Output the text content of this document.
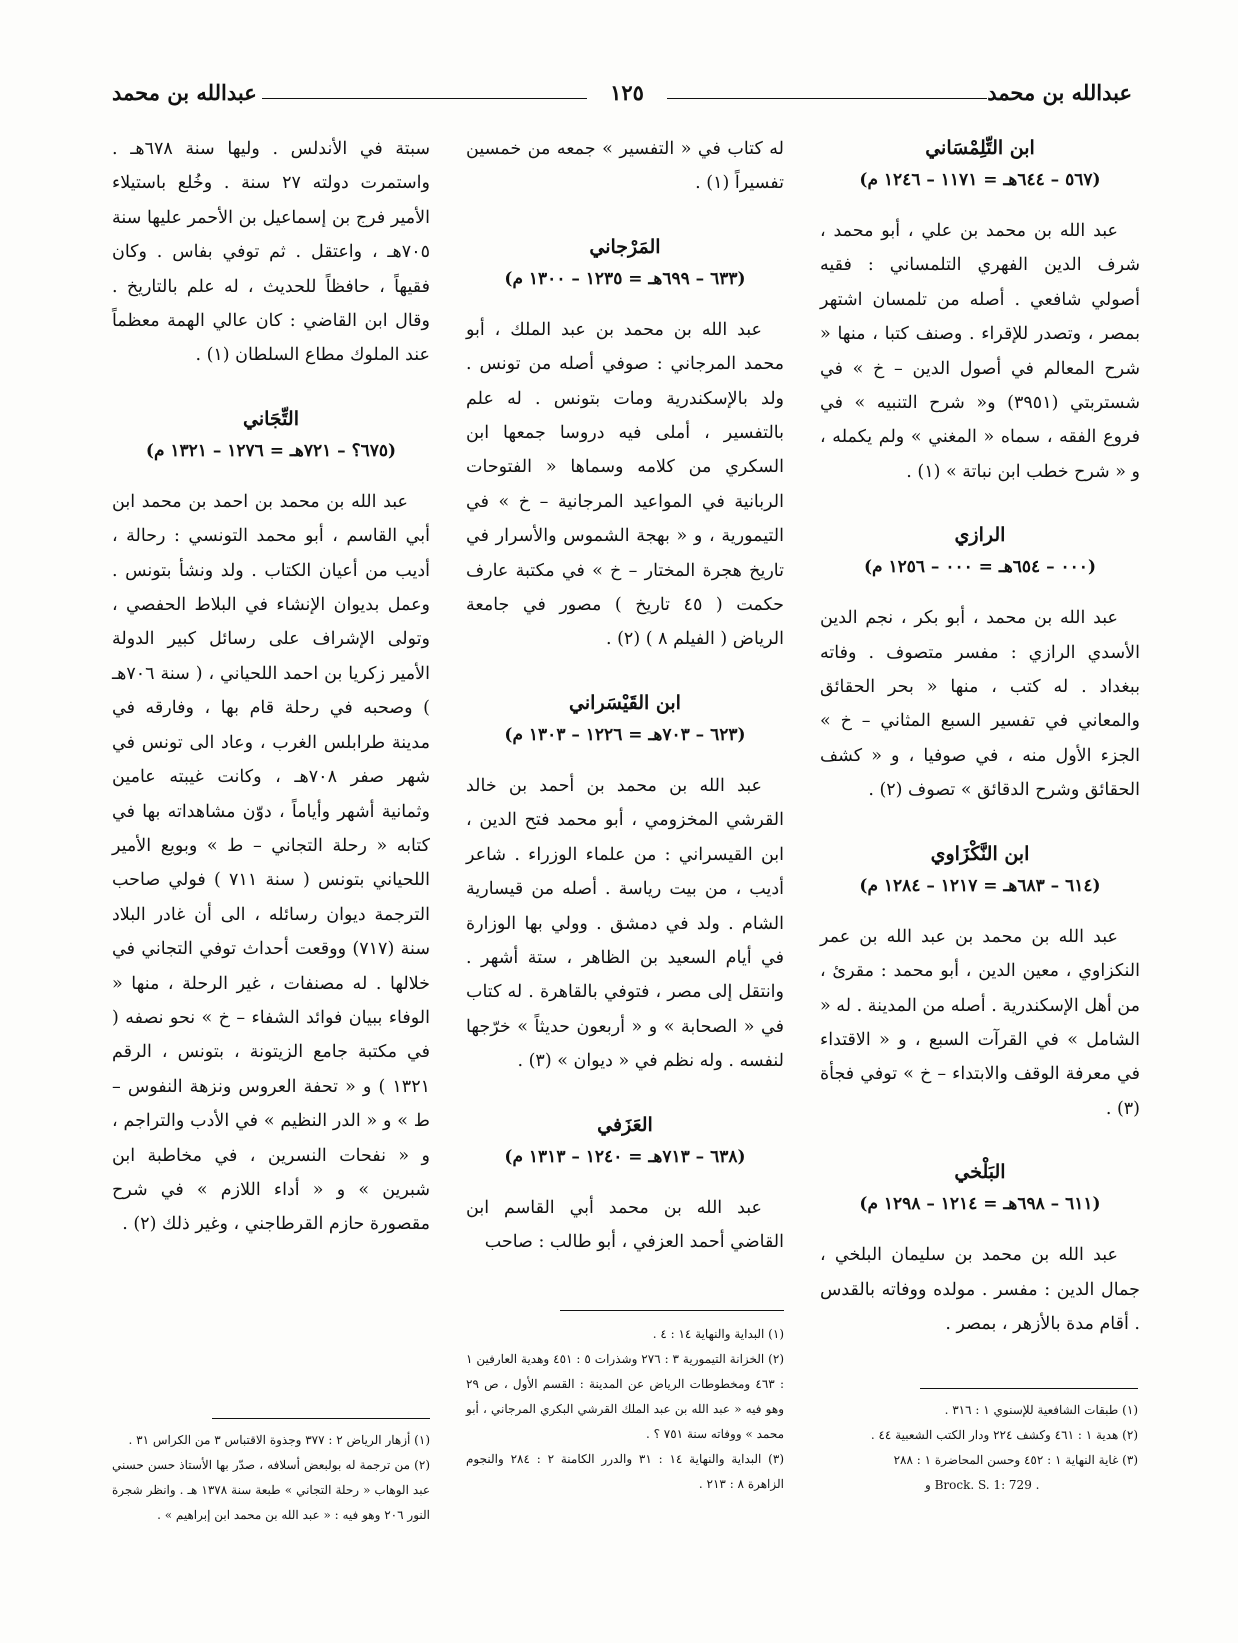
عبدالله بن محمد
١٢٥
عبدالله بن محمد
ابن التِّلِمْسَاني
(٥٦٧ – ٦٤٤هـ = ١١٧١ – ١٢٤٦ م)

عبد الله بن محمد بن علي ، أبو محمد ، شرف الدين الفهري التلمساني : فقيه أصولي شافعي . أصله من تلمسان اشتهر بمصر ، وتصدر للإقراء . وصنف كتبا ، منها « شرح المعالم في أصول الدين – خ » في شستربتي (٣٩٥١) و« شرح التنبيه » في فروع الفقه ، سماه « المغني » ولم يكمله ، و « شرح خطب ابن نباتة » (١) .

الرازي
(٠٠٠ – ٦٥٤هـ = ٠٠٠ – ١٢٥٦ م)

عبد الله بن محمد ، أبو بكر ، نجم الدين الأسدي الرازي : مفسر متصوف . وفاته ببغداد . له كتب ، منها « بحر الحقائق والمعاني في تفسير السبع المثاني – خ » الجزء الأول منه ، في صوفيا ، و « كشف الحقائق وشرح الدقائق » تصوف (٢) .

ابن النَّكْزَاوي
(٦١٤ – ٦٨٣هـ = ١٢١٧ – ١٢٨٤ م)

عبد الله بن محمد بن عبد الله بن عمر النكزاوي ، معين الدين ، أبو محمد : مقرئ ، من أهل الإسكندرية . أصله من المدينة . له « الشامل » في القرآت السبع ، و « الاقتداء في معرفة الوقف والابتداء – خ » توفي فجأة (٣) .

البَلْخي
(٦١١ – ٦٩٨هـ = ١٢١٤ – ١٢٩٨ م)

عبد الله بن محمد بن سليمان البلخي ، جمال الدين : مفسر . مولده ووفاته بالقدس . أقام مدة بالأزهر ، بمصر .

له كتاب في « التفسير » جمعه من خمسين تفسيراً (١) .

المَرْجاني
(٦٣٣ – ٦٩٩هـ = ١٢٣٥ – ١٣٠٠ م)

عبد الله بن محمد بن عبد الملك ، أبو محمد المرجاني : صوفي أصله من تونس . ولد بالإسكندرية ومات بتونس . له علم بالتفسير ، أملى فيه دروسا جمعها ابن السكري من كلامه وسماها « الفتوحات الربانية في المواعيد المرجانية – خ » في التيمورية ، و « بهجة الشموس والأسرار في تاريخ هجرة المختار – خ » في مكتبة عارف حكمت ( ٤٥ تاريخ ) مصور في جامعة الرياض ( الفيلم ٨ ) (٢) .

ابن القَيْسَراني
(٦٢٣ – ٧٠٣هـ = ١٢٢٦ – ١٣٠٣ م)

عبد الله بن محمد بن أحمد بن خالد القرشي المخزومي ، أبو محمد فتح الدين ، ابن القيسراني : من علماء الوزراء . شاعر أديب ، من بيت رياسة . أصله من قيسارية الشام . ولد في دمشق . وولي بها الوزارة في أيام السعيد بن الظاهر ، ستة أشهر . وانتقل إلى مصر ، فتوفي بالقاهرة . له كتاب في « الصحابة » و « أربعون حديثاً » خرّجها لنفسه . وله نظم في « ديوان » (٣) .

العَزَفي
(٦٣٨ – ٧١٣هـ = ١٢٤٠ – ١٣١٣ م)

عبد الله بن محمد أبي القاسم ابن القاضي أحمد العزفي ، أبو طالب : صاحب

سبتة في الأندلس . وليها سنة ٦٧٨هـ . واستمرت دولته ٢٧ سنة . وخُلع باستيلاء الأمير فرج بن إسماعيل بن الأحمر عليها سنة ٧٠٥هـ ، واعتقل . ثم توفي بفاس . وكان فقيهاً ، حافظاً للحديث ، له علم بالتاريخ . وقال ابن القاضي : كان عالي الهمة معظماً عند الملوك مطاع السلطان (١) .

التِّجَاني
(٦٧٥؟ – ٧٢١هـ = ١٢٧٦ – ١٣٢١ م)

عبد الله بن محمد بن احمد بن محمد ابن أبي القاسم ، أبو محمد التونسي : رحالة ، أديب من أعيان الكتاب . ولد ونشأ بتونس . وعمل بديوان الإنشاء في البلاط الحفصي ، وتولى الإشراف على رسائل كبير الدولة الأمير زكريا بن احمد اللحياني ، ( سنة ٧٠٦هـ ) وصحبه في رحلة قام بها ، وفارقه في مدينة طرابلس الغرب ، وعاد الى تونس في شهر صفر ٧٠٨هـ ، وكانت غيبته عامين وثمانية أشهر وأياماً ، دوّن مشاهداته بها في كتابه « رحلة التجاني – ط » وبويع الأمير اللحياني بتونس ( سنة ٧١١ ) فولي صاحب الترجمة ديوان رسائله ، الى أن غادر البلاد سنة (٧١٧) ووقعت أحداث توفي التجاني في خلالها . له مصنفات ، غير الرحلة ، منها « الوفاء ببيان فوائد الشفاء – خ » نحو نصفه ( في مكتبة جامع الزيتونة ، بتونس ، الرقم ١٣٢١ ) و « تحفة العروس ونزهة النفوس – ط » و « الدر النظيم » في الأدب والتراجم ، و « نفحات النسرين ، في مخاطبة ابن شبرين » و « أداء اللازم » في شرح مقصورة حازم القرطاجني ، وغير ذلك (٢) .

(١) طبقات الشافعية للإسنوي ١ : ٣١٦ .
(٢) هدية ١ : ٤٦١ وكشف ٢٢٤ ودار الكتب الشعبية ٤٤ .
(٣) غاية النهاية ١ : ٤٥٢ وحسن المحاضرة ١ : ٢٨٨
و Brock. S. 1: 729 .
(١) البداية والنهاية ١٤ : ٤ .
(٢) الخزانة التيمورية ٣ : ٢٧٦ وشذرات ٥ : ٤٥١ وهدية العارفين ١ : ٤٦٣ ومخطوطات الرياض عن المدينة : القسم الأول ، ص ٢٩ وهو فيه « عبد الله بن عبد الملك القرشي البكري المرجاني ، أبو محمد » ووفاته سنة ٧٥١ ؟ .
(٣) البداية والنهاية ١٤ : ٣١ والدرر الكامنة ٢ : ٢٨٤ والنجوم الزاهرة ٨ : ٢١٣ .
(١) أزهار الرياض ٢ : ٣٧٧ وجذوة الاقتباس ٣ من الكراس ٣١ .
(٢) من ترجمة له بولبعض أسلافه ، صدّر بها الأستاذ حسن حسني عبد الوهاب « رحلة التجاني » طبعة سنة ١٣٧٨ هـ . وانظر شجرة النور ٢٠٦ وهو فيه : « عبد الله بن محمد ابن إبراهيم » .
